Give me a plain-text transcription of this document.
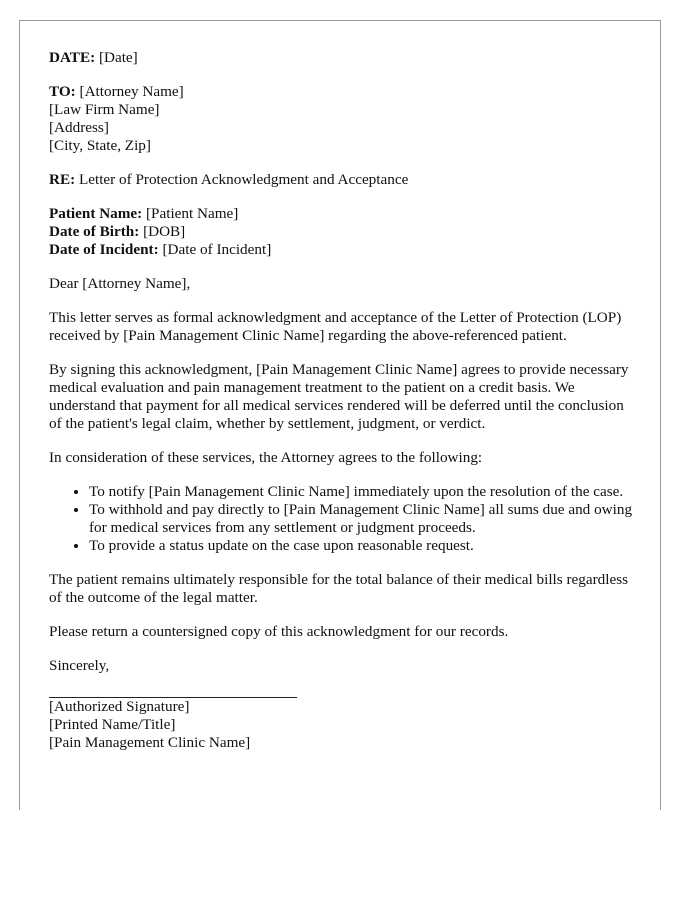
DATE: [Date]

TO: [Attorney Name]
[Law Firm Name]
[Address]
[City, State, Zip]

RE: Letter of Protection Acknowledgment and Acceptance

Patient Name: [Patient Name]
Date of Birth: [DOB]
Date of Incident: [Date of Incident]

Dear [Attorney Name],

This letter serves as formal acknowledgment and acceptance of the Letter of Protection (LOP) received by [Pain Management Clinic Name] regarding the above-referenced patient.

By signing this acknowledgment, [Pain Management Clinic Name] agrees to provide necessary medical evaluation and pain management treatment to the patient on a credit basis. We understand that payment for all medical services rendered will be deferred until the conclusion of the patient's legal claim, whether by settlement, judgment, or verdict.

In consideration of these services, the Attorney agrees to the following:

• To notify [Pain Management Clinic Name] immediately upon the resolution of the case.
• To withhold and pay directly to [Pain Management Clinic Name] all sums due and owing for medical services from any settlement or judgment proceeds.
• To provide a status update on the case upon reasonable request.

The patient remains ultimately responsible for the total balance of their medical bills regardless of the outcome of the legal matter.

Please return a countersigned copy of this acknowledgment for our records.

Sincerely,

[Authorized Signature]
[Printed Name/Title]
[Pain Management Clinic Name]
